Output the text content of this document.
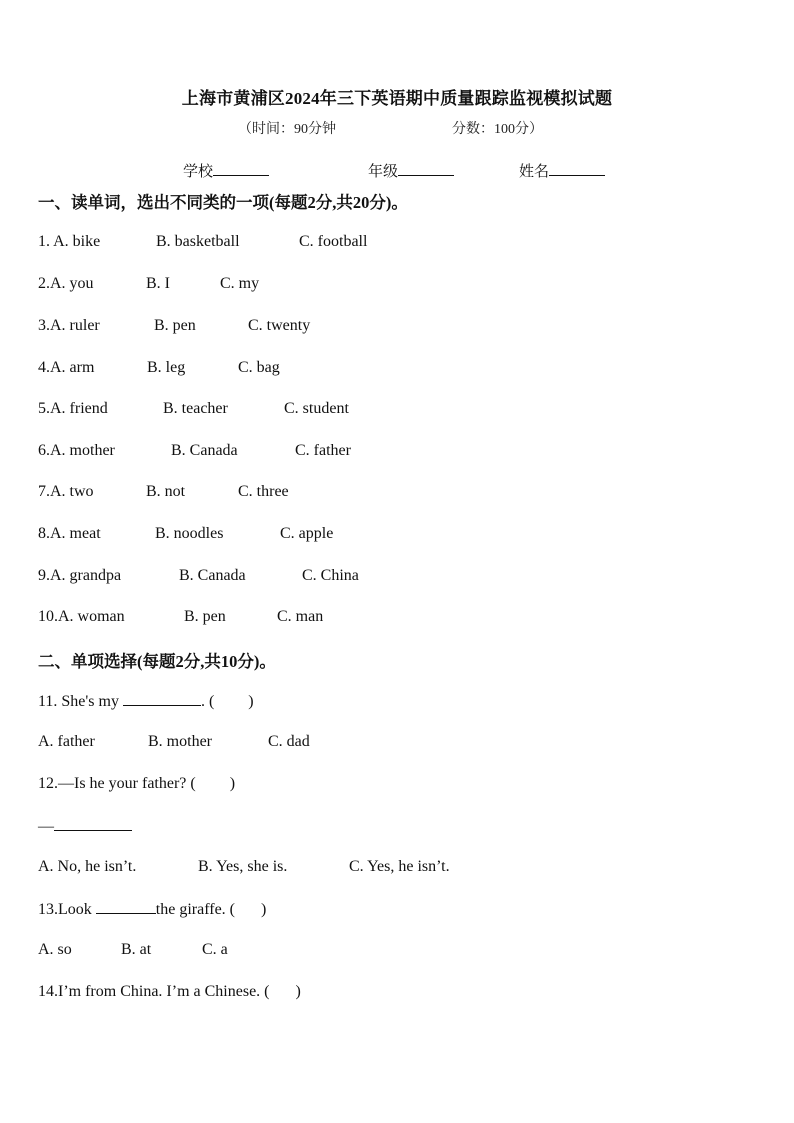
上海市黄浦区2024年三下英语期中质量跟踪监视模拟试题
（时间：90分钟	分数：100分）
学校	年级	姓名
一、读单词，选出不同类的一项(每题2分,共20分)。
1. A. bike	B. basketball	C. football
2.A. you	B. I	C. my
3.A. ruler	B. pen	C. twenty
4.A. arm	B. leg	C. bag
5.A. friend	B. teacher	C. student
6.A. mother	B. Canada	C. father
7.A. two	B. not	C. three
8.A. meat	B. noodles	C. apple
9.A. grandpa	B. Canada	C. China
10.A. woman	B. pen	C. man
二、单项选择(每题2分,共10分)。
11. She's my	. ( )
A. father	B. mother	C. dad
12.—Is he your father? ( )
—
A. No, he isn’t.	B. Yes, she is.	C. Yes, he isn’t.
13.Look	the giraffe. ( )
A. so	B. at	C. a
14.I’m from China. I’m a Chinese. ( )
